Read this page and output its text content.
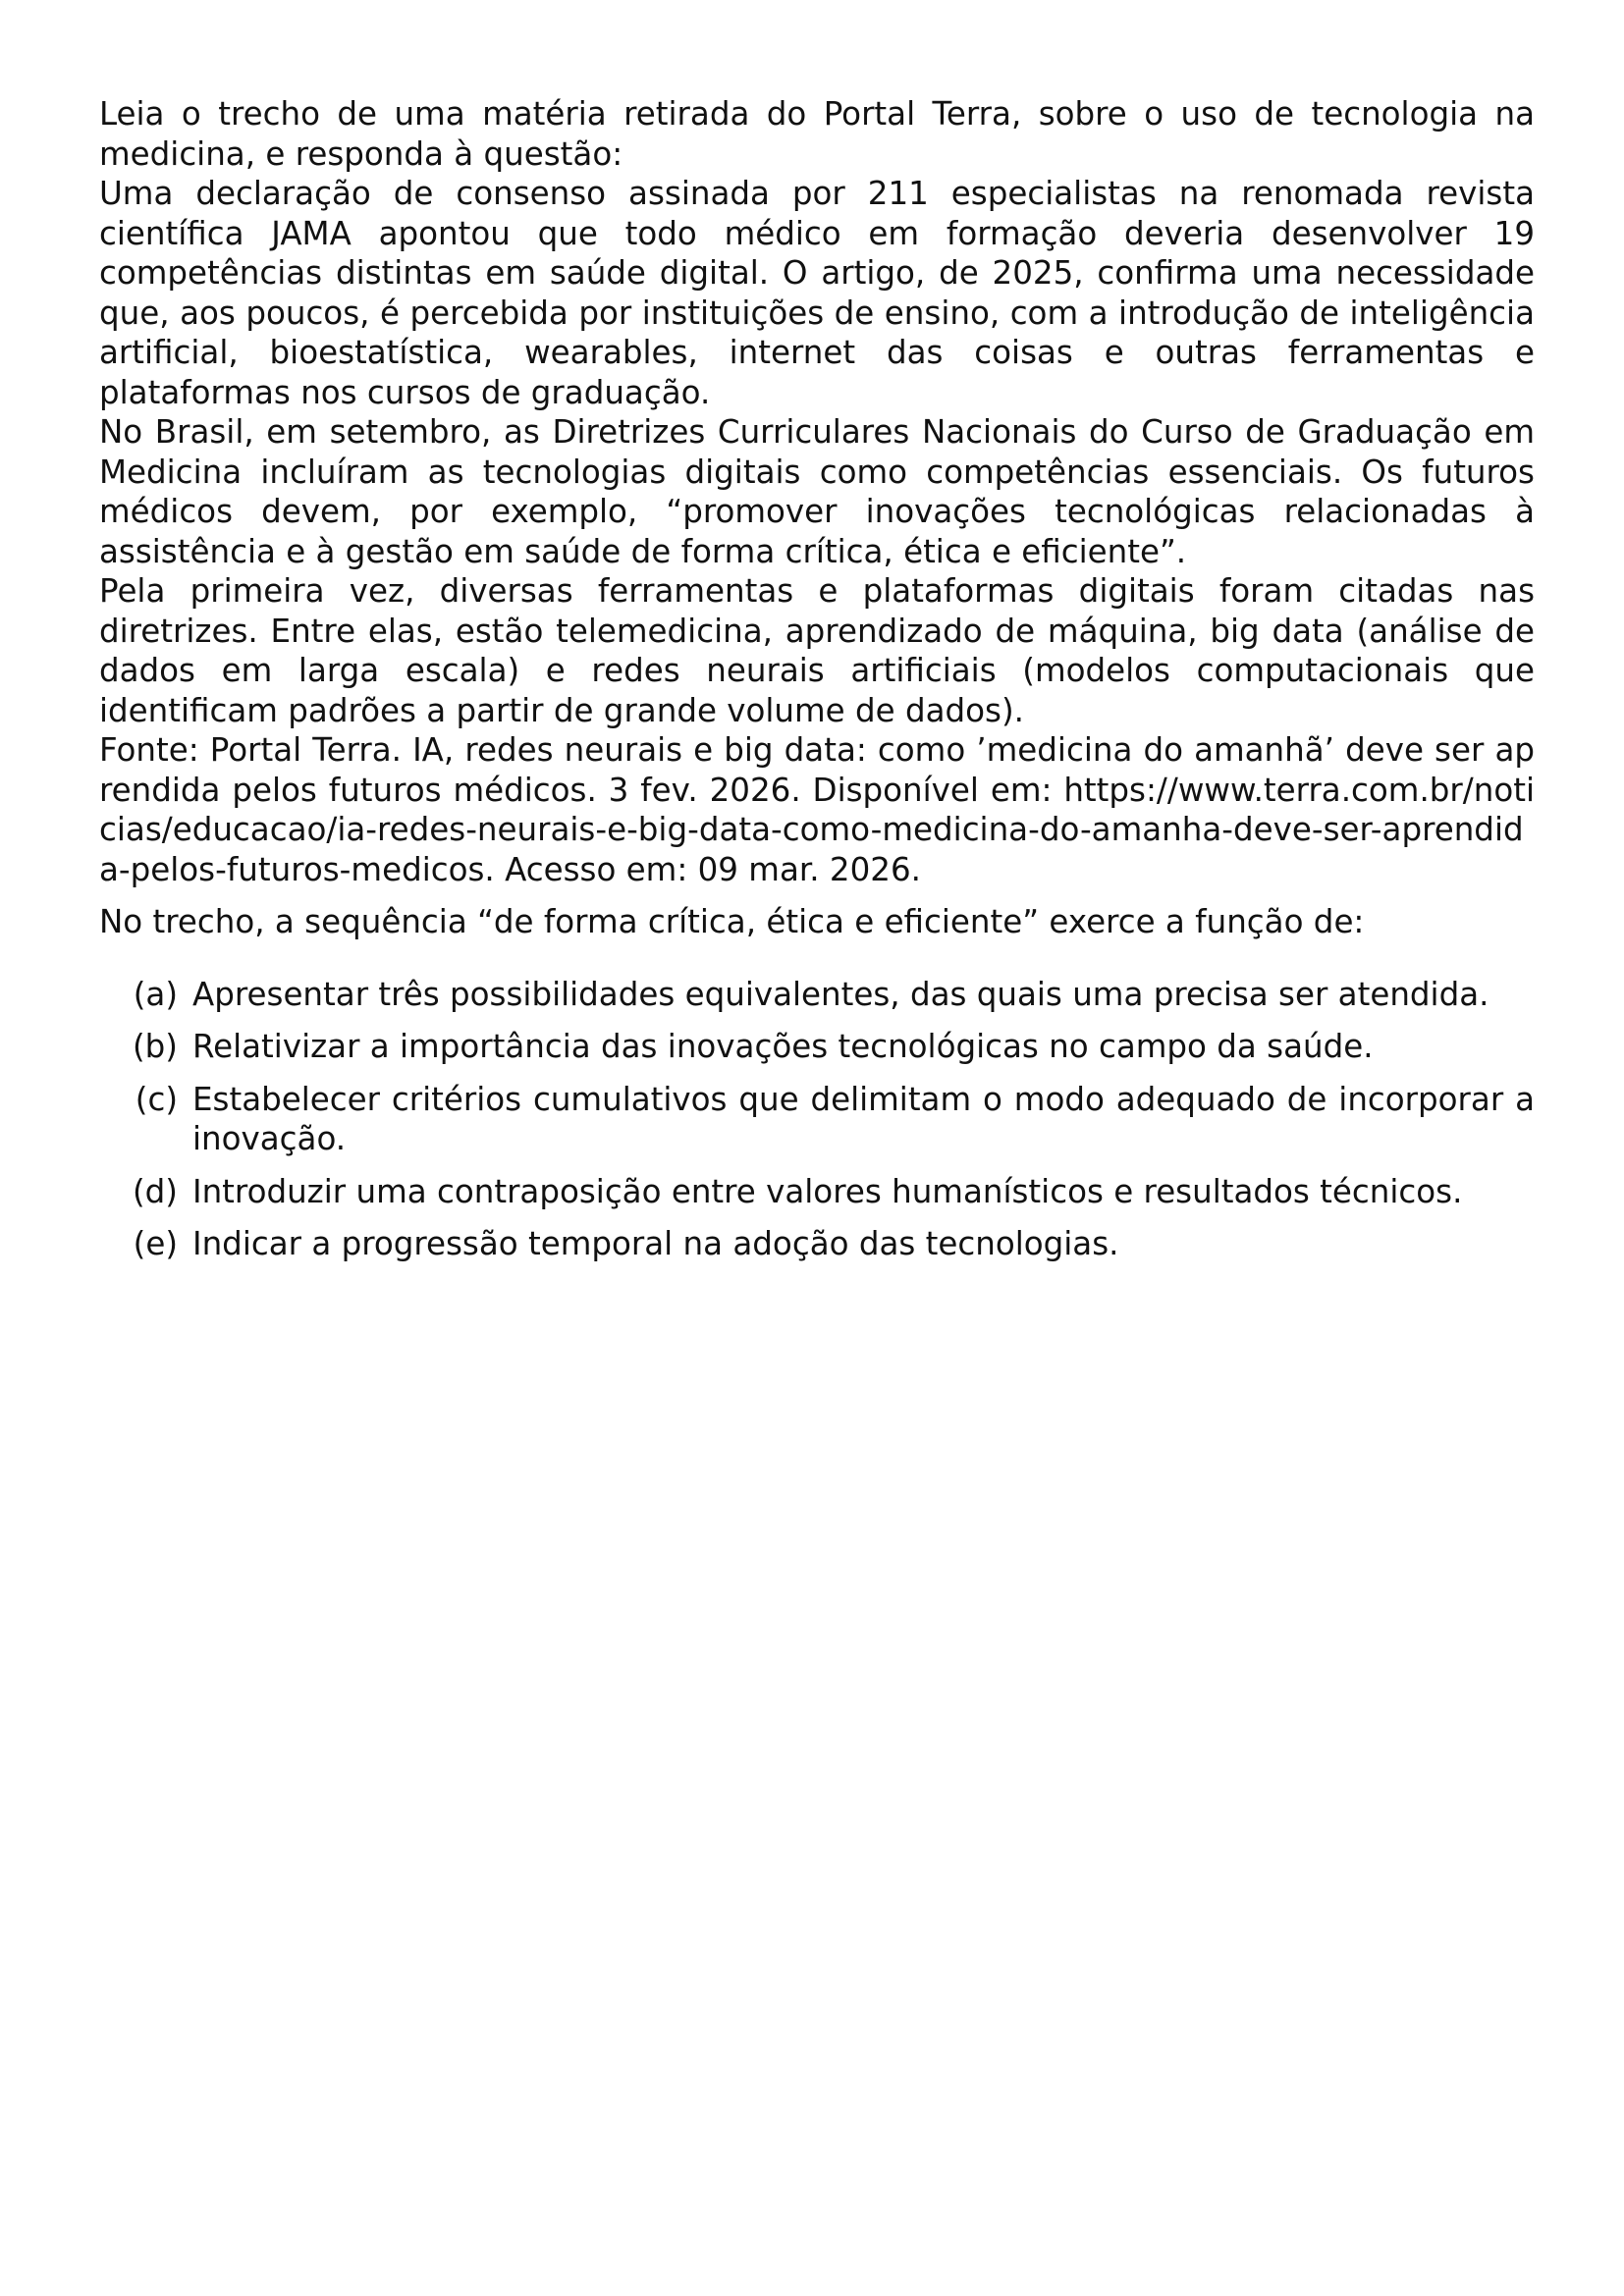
Leia o trecho de uma matéria retirada do Portal Terra, sobre o uso de tecnologia na medicina, e responda à questão:

Uma declaração de consenso assinada por 211 especialistas na renomada revista científica JAMA apontou que todo médico em formação deveria desenvolver 19 competências distintas em saúde digital. O artigo, de 2025, confirma uma necessidade que, aos poucos, é percebida por instituições de ensino, com a introdução de inteligência artificial, bioestatística, wearables, internet das coisas e outras ferramentas e plataformas nos cursos de graduação.

No Brasil, em setembro, as Diretrizes Curriculares Nacionais do Curso de Graduação em Medicina incluíram as tecnologias digitais como competências essenciais. Os futuros médicos devem, por exemplo, “promover inovações tecnológicas relacionadas à assistência e à gestão em saúde de forma crítica, ética e eficiente”.

Pela primeira vez, diversas ferramentas e plataformas digitais foram citadas nas diretrizes. Entre elas, estão telemedicina, aprendizado de máquina, big data (análise de dados em larga escala) e redes neurais artificiais (modelos computacionais que identificam padrões a partir de grande volume de dados).

Fonte: Portal Terra. IA, redes neurais e big data: como ’medicina do amanhã’ deve ser aprendida pelos futuros médicos. 3 fev. 2026. Disponível em: https://www.terra.com.br/noticias/educacao/ia-redes-neurais-e-big-data-como-medicina-do-amanha-deve-ser-aprendida-pelos-futuros-medicos. Acesso em: 09 mar. 2026.

No trecho, a sequência “de forma crítica, ética e eficiente” exerce a função de:

(a) Apresentar três possibilidades equivalentes, das quais uma precisa ser atendida.
(b) Relativizar a importância das inovações tecnológicas no campo da saúde.
(c) Estabelecer critérios cumulativos que delimitam o modo adequado de incorporar a inovação.
(d) Introduzir uma contraposição entre valores humanísticos e resultados técnicos.
(e) Indicar a progressão temporal na adoção das tecnologias.
